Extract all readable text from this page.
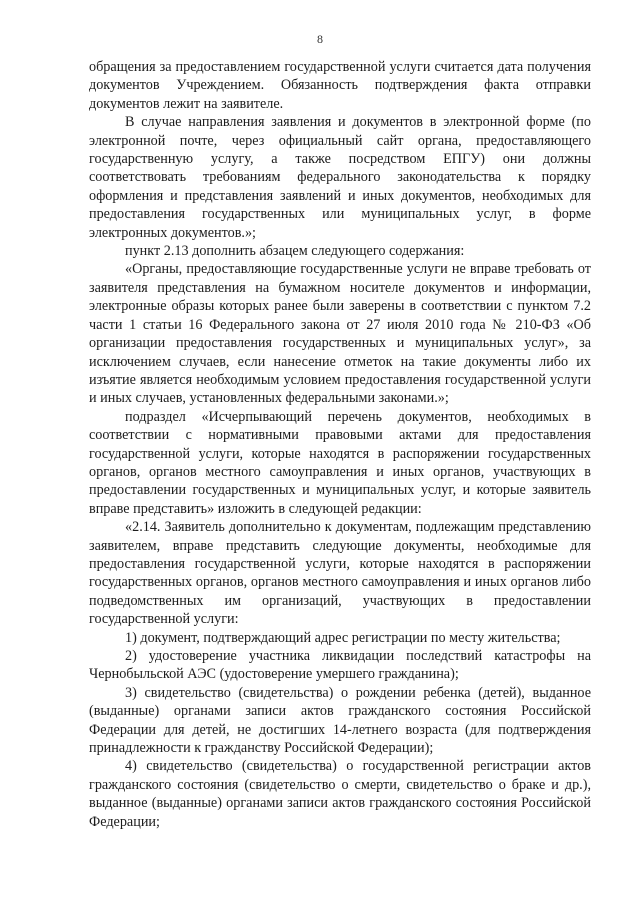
8

обращения за предоставлением государственной услуги считается дата получения документов Учреждением. Обязанность подтверждения факта отправки документов лежит на заявителе.

В случае направления заявления и документов в электронной форме (по электронной почте, через официальный сайт органа, предоставляющего государственную услугу, а также посредством ЕПГУ) они должны соответствовать требованиям федерального законодательства к порядку оформления и представления заявлений и иных документов, необходимых для предоставления государственных или муниципальных услуг, в форме электронных документов.»;

пункт 2.13 дополнить абзацем следующего содержания:

«Органы, предоставляющие государственные услуги не вправе требовать от заявителя представления на бумажном носителе документов и информации, электронные образы которых ранее были заверены в соответствии с пунктом 7.2 части 1 статьи 16 Федерального закона от 27 июля 2010 года № 210-ФЗ «Об организации предоставления государственных и муниципальных услуг», за исключением случаев, если нанесение отметок на такие документы либо их изъятие является необходимым условием предоставления государственной услуги и иных случаев, установленных федеральными законами.»;

подраздел «Исчерпывающий перечень документов, необходимых в соответствии с нормативными правовыми актами для предоставления государственной услуги, которые находятся в распоряжении государственных органов, органов местного самоуправления и иных органов, участвующих в предоставлении государственных и муниципальных услуг, и которые заявитель вправе представить» изложить в следующей редакции:

«2.14. Заявитель дополнительно к документам, подлежащим представлению заявителем, вправе представить следующие документы, необходимые для предоставления государственной услуги, которые находятся в распоряжении государственных органов, органов местного самоуправления и иных органов либо подведомственных им организаций, участвующих в предоставлении государственной услуги:

1) документ, подтверждающий адрес регистрации по месту жительства;

2) удостоверение участника ликвидации последствий катастрофы на Чернобыльской АЭС (удостоверение умершего гражданина);

3) свидетельство (свидетельства) о рождении ребенка (детей), выданное (выданные) органами записи актов гражданского состояния Российской Федерации для детей, не достигших 14-летнего возраста (для подтверждения принадлежности к гражданству Российской Федерации);

4) свидетельство (свидетельства) о государственной регистрации актов гражданского состояния (свидетельство о смерти, свидетельство о браке и др.), выданное (выданные) органами записи актов гражданского состояния Российской Федерации;
